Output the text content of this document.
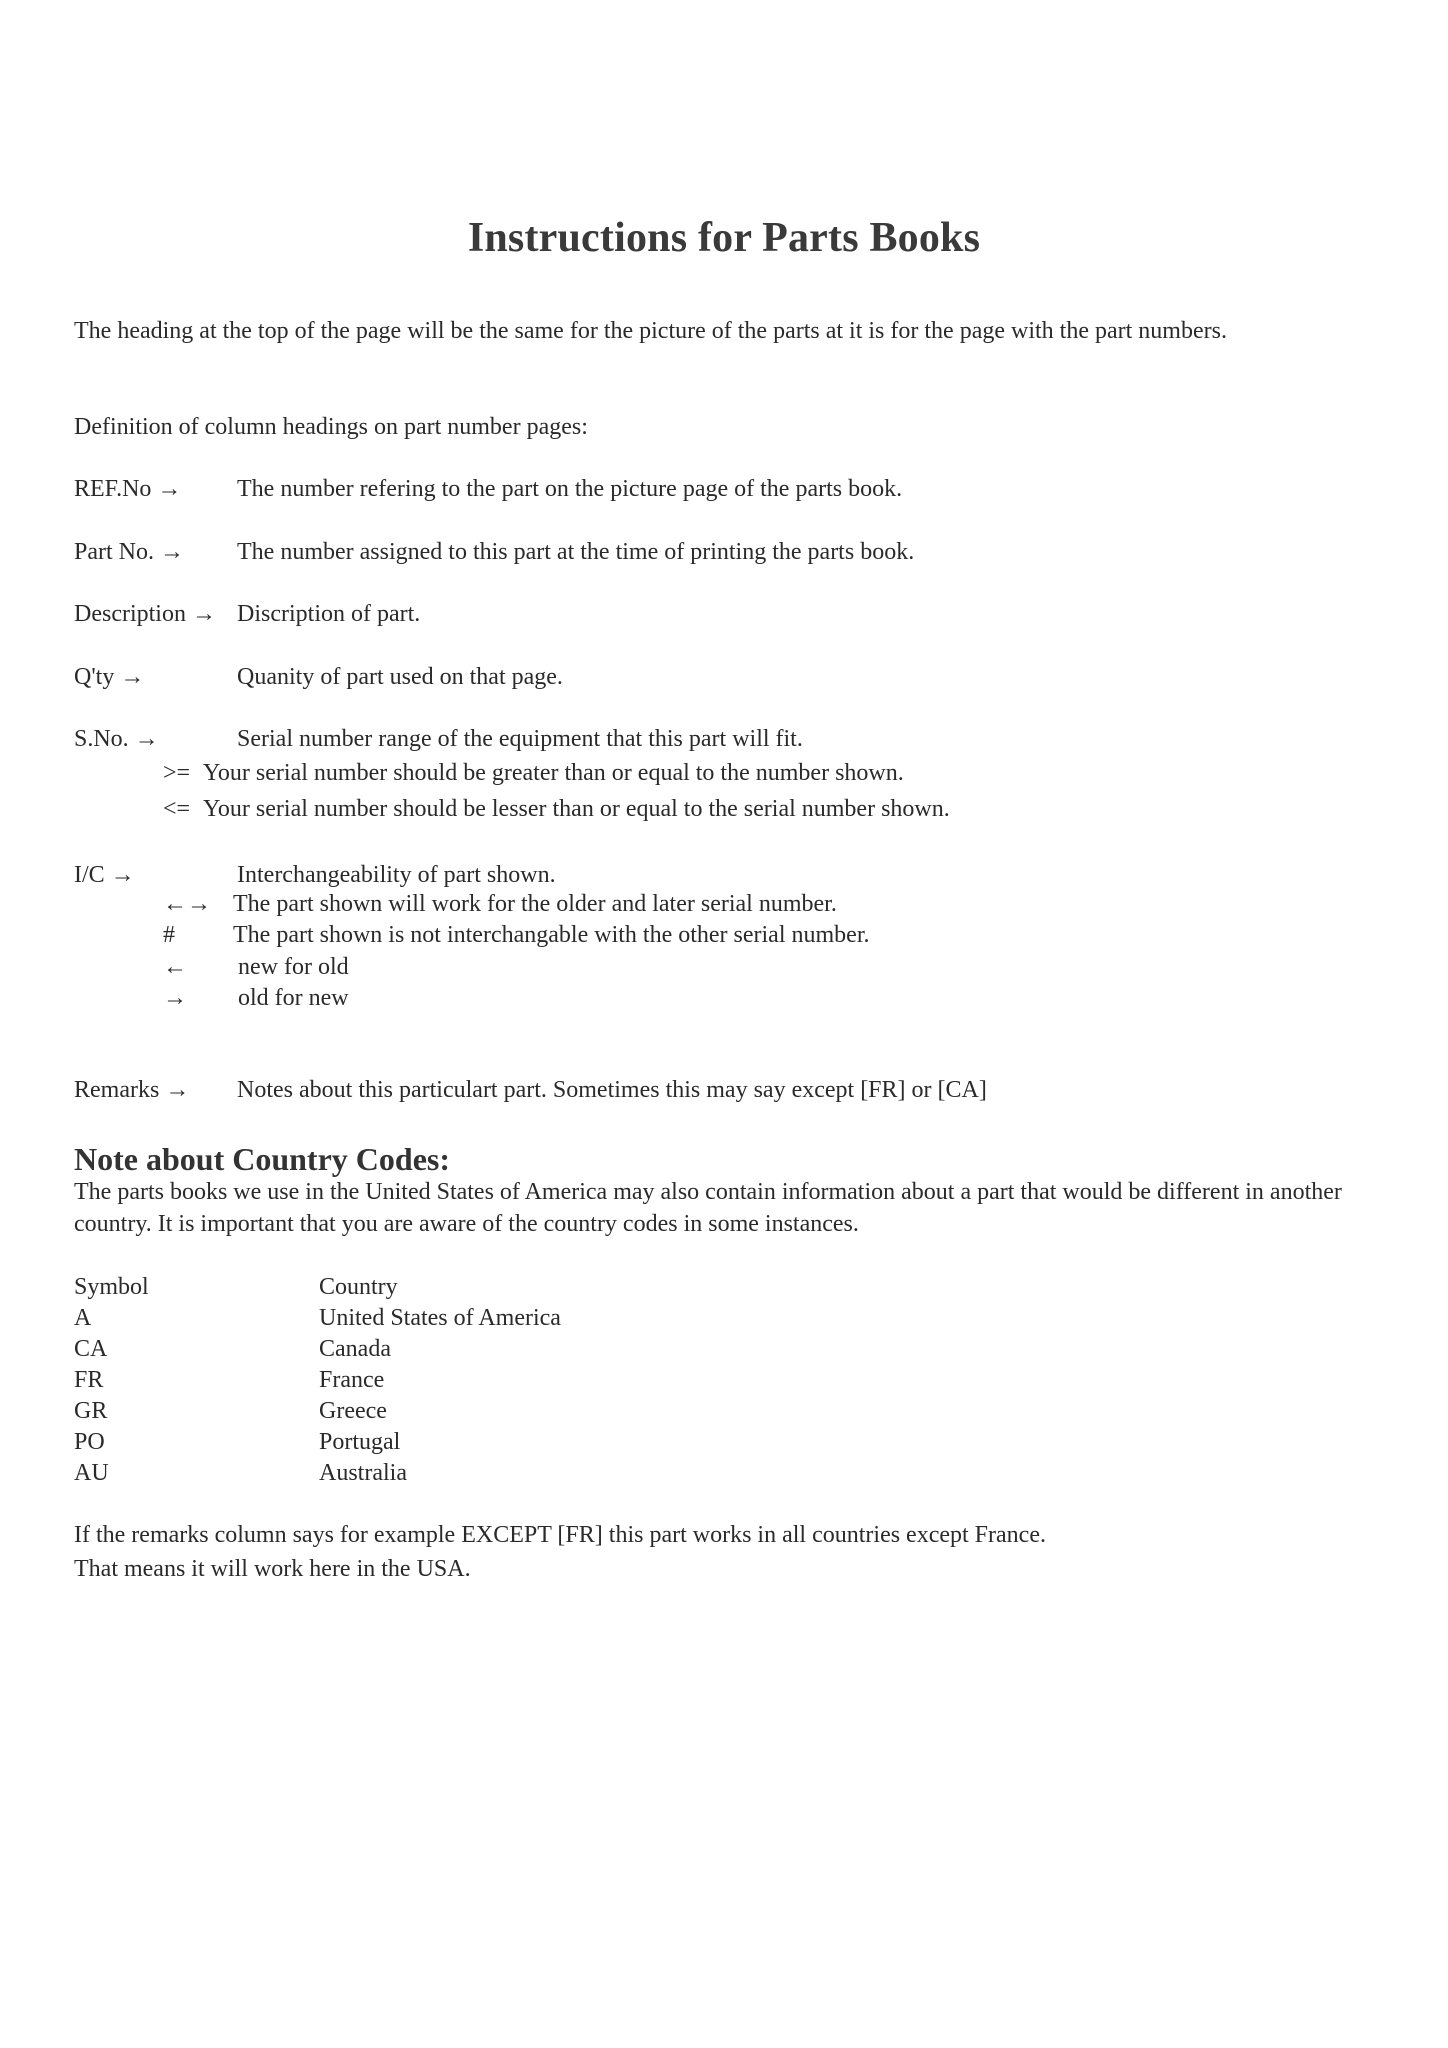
Instructions for Parts Books
The heading at the top of the page will be the same for the picture of the parts at it is for the page with the part numbers.
Definition of column headings on part number pages:
REF.No → The number refering to the part on the picture page of the parts book.
Part No. → The number assigned to this part at the time of printing the parts book.
Description → Discription of part.
Q'ty →	Quanity of part used on that page.
S.No. →	Serial number range of the equipment that this part will fit.
>= Your serial number should be greater than or equal to the number shown.
<= Your serial number should be lesser than or equal to the serial number shown.
I/C →	Interchangeability of part shown.
←→ The part shown will work for the older and later serial number.
# The part shown is not interchangable with the other serial number.
← new for old
→ old for new
Remarks → Notes about this particulart part. Sometimes this may say except [FR] or [CA]
Note about Country Codes:
The parts books we use in the United States of America may also contain information about a part that would be different in another country. It is important that you are aware of the country codes in some instances.
Symbol	Country
A	United States of America
CA	Canada
FR	France
GR	Greece
PO	Portugal
AU	Australia
If the remarks column says for example EXCEPT [FR] this part works in all countries except France.
That means it will work here in the USA.
